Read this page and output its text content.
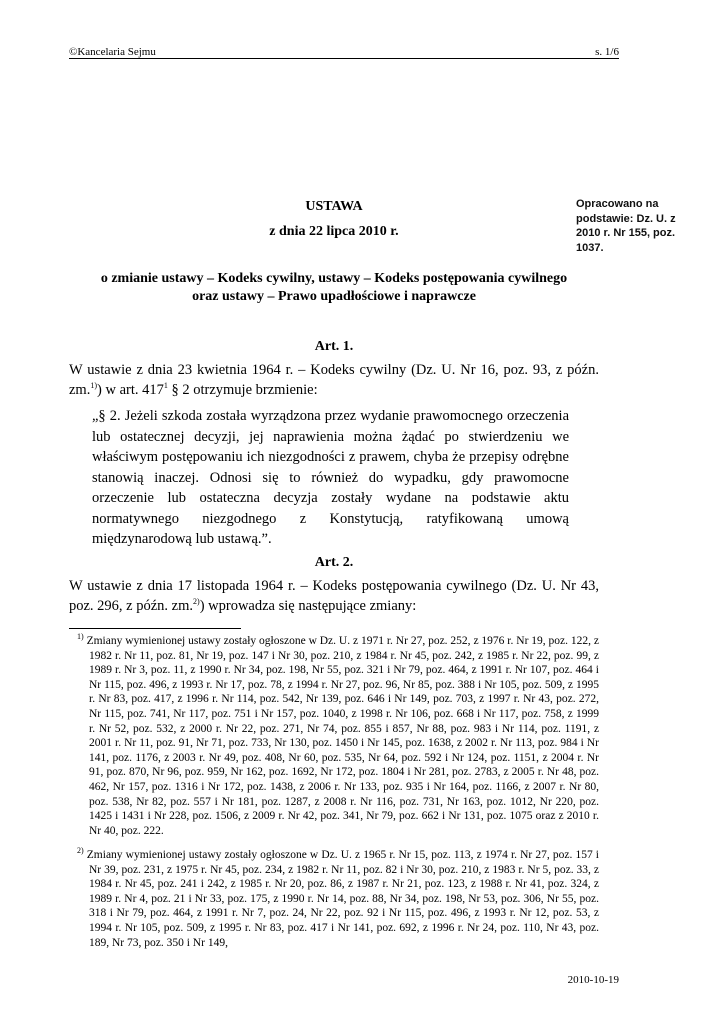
©Kancelaria Sejmu	s. 1/6
USTAWA
z dnia 22 lipca 2010 r.
o zmianie ustawy – Kodeks cywilny, ustawy – Kodeks postępowania cywilnego
oraz ustawy – Prawo upadłościowe i naprawcze
Opracowano na podstawie: Dz. U. z 2010 r. Nr 155, poz. 1037.
Art. 1.
W ustawie z dnia 23 kwietnia 1964 r. – Kodeks cywilny (Dz. U. Nr 16, poz. 93, z późn. zm.$^{1)}$) w art. $417^1$ § 2 otrzymuje brzmienie:
„§ 2. Jeżeli szkoda została wyrządzona przez wydanie prawomocnego orzeczenia lub ostatecznej decyzji, jej naprawienia można żądać po stwierdzeniu we właściwym postępowaniu ich niezgodności z prawem, chyba że przepisy odrębne stanowią inaczej. Odnosi się to również do wypadku, gdy prawomocne orzeczenie lub ostateczna decyzja zostały wydane na podstawie aktu normatywnego niezgodnego z Konstytucją, ratyfikowaną umową międzynarodową lub ustawą.”.
Art. 2.
W ustawie z dnia 17 listopada 1964 r. – Kodeks postępowania cywilnego (Dz. U. Nr 43, poz. 296, z późn. zm.$^{2)}$) wprowadza się następujące zmiany:
$^{1)}$ Zmiany wymienionej ustawy zostały ogłoszone w Dz. U. z 1971 r. Nr 27, poz. 252, z 1976 r. Nr 19, poz. 122, z 1982 r. Nr 11, poz. 81, Nr 19, poz. 147 i Nr 30, poz. 210, z 1984 r. Nr 45, poz. 242, z 1985 r. Nr 22, poz. 99, z 1989 r. Nr 3, poz. 11, z 1990 r. Nr 34, poz. 198, Nr 55, poz. 321 i Nr 79, poz. 464, z 1991 r. Nr 107, poz. 464 i Nr 115, poz. 496, z 1993 r. Nr 17, poz. 78, z 1994 r. Nr 27, poz. 96, Nr 85, poz. 388 i Nr 105, poz. 509, z 1995 r. Nr 83, poz. 417, z 1996 r. Nr 114, poz. 542, Nr 139, poz. 646 i Nr 149, poz. 703, z 1997 r. Nr 43, poz. 272, Nr 115, poz. 741, Nr 117, poz. 751 i Nr 157, poz. 1040, z 1998 r. Nr 106, poz. 668 i Nr 117, poz. 758, z 1999 r. Nr 52, poz. 532, z 2000 r. Nr 22, poz. 271, Nr 74, poz. 855 i 857, Nr 88, poz. 983 i Nr 114, poz. 1191, z 2001 r. Nr 11, poz. 91, Nr 71, poz. 733, Nr 130, poz. 1450 i Nr 145, poz. 1638, z 2002 r. Nr 113, poz. 984 i Nr 141, poz. 1176, z 2003 r. Nr 49, poz. 408, Nr 60, poz. 535, Nr 64, poz. 592 i Nr 124, poz. 1151, z 2004 r. Nr 91, poz. 870, Nr 96, poz. 959, Nr 162, poz. 1692, Nr 172, poz. 1804 i Nr 281, poz. 2783, z 2005 r. Nr 48, poz. 462, Nr 157, poz. 1316 i Nr 172, poz. 1438, z 2006 r. Nr 133, poz. 935 i Nr 164, poz. 1166, z 2007 r. Nr 80, poz. 538, Nr 82, poz. 557 i Nr 181, poz. 1287, z 2008 r. Nr 116, poz. 731, Nr 163, poz. 1012, Nr 220, poz. 1425 i 1431 i Nr 228, poz. 1506, z 2009 r. Nr 42, poz. 341, Nr 79, poz. 662 i Nr 131, poz. 1075 oraz z 2010 r. Nr 40, poz. 222.
$^{2)}$ Zmiany wymienionej ustawy zostały ogłoszone w Dz. U. z 1965 r. Nr 15, poz. 113, z 1974 r. Nr 27, poz. 157 i Nr 39, poz. 231, z 1975 r. Nr 45, poz. 234, z 1982 r. Nr 11, poz. 82 i Nr 30, poz. 210, z 1983 r. Nr 5, poz. 33, z 1984 r. Nr 45, poz. 241 i 242, z 1985 r. Nr 20, poz. 86, z 1987 r. Nr 21, poz. 123, z 1988 r. Nr 41, poz. 324, z 1989 r. Nr 4, poz. 21 i Nr 33, poz. 175, z 1990 r. Nr 14, poz. 88, Nr 34, poz. 198, Nr 53, poz. 306, Nr 55, poz. 318 i Nr 79, poz. 464, z 1991 r. Nr 7, poz. 24, Nr 22, poz. 92 i Nr 115, poz. 496, z 1993 r. Nr 12, poz. 53, z 1994 r. Nr 105, poz. 509, z 1995 r. Nr 83, poz. 417 i Nr 141, poz. 692, z 1996 r. Nr 24, poz. 110, Nr 43, poz. 189, Nr 73, poz. 350 i Nr 149,
2010-10-19
